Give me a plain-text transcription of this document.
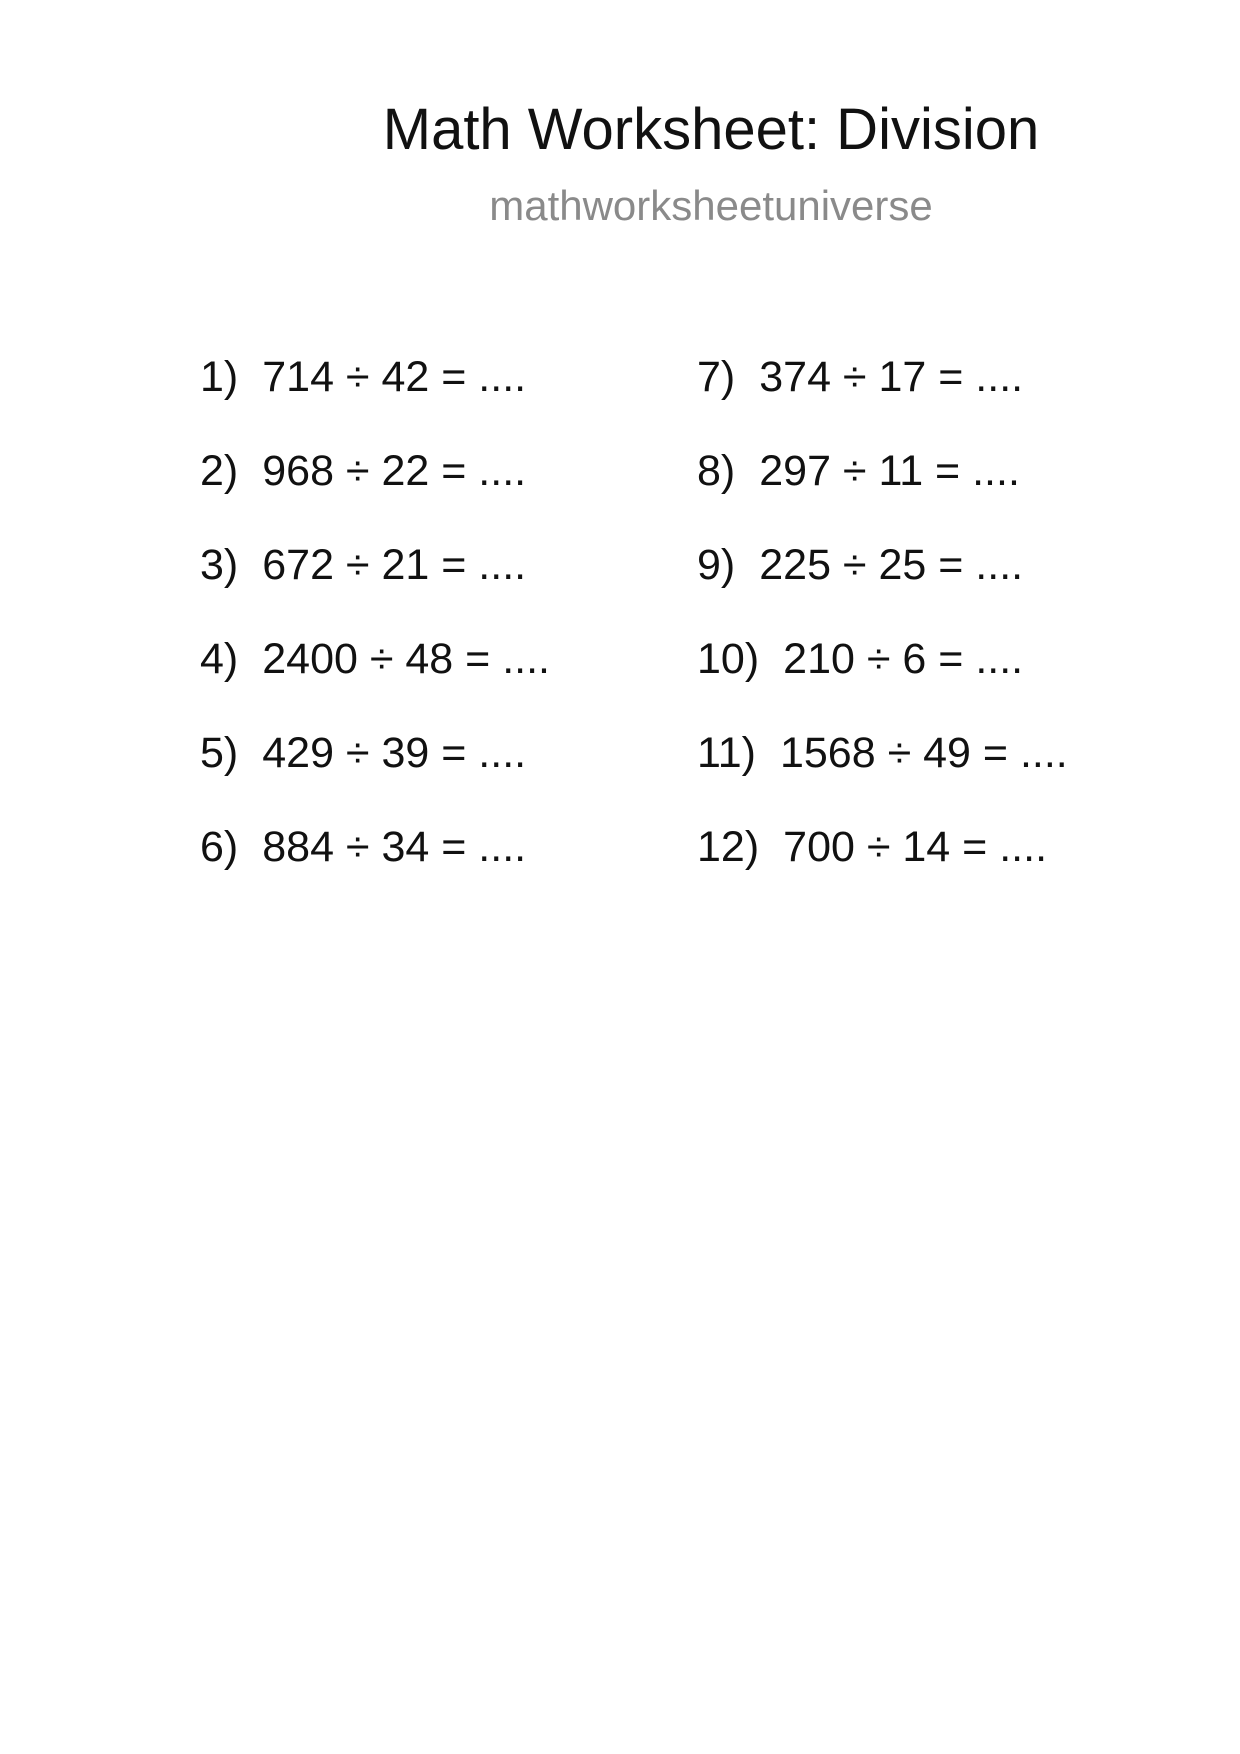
Math Worksheet: Division
mathworksheetuniverse
1) 714 ÷ 42 = ....
2) 968 ÷ 22 = ....
3) 672 ÷ 21 = ....
4) 2400 ÷ 48 = ....
5) 429 ÷ 39 = ....
6) 884 ÷ 34 = ....
7) 374 ÷ 17 = ....
8) 297 ÷ 11 = ....
9) 225 ÷ 25 = ....
10) 210 ÷ 6 = ....
11) 1568 ÷ 49 = ....
12) 700 ÷ 14 = ....
